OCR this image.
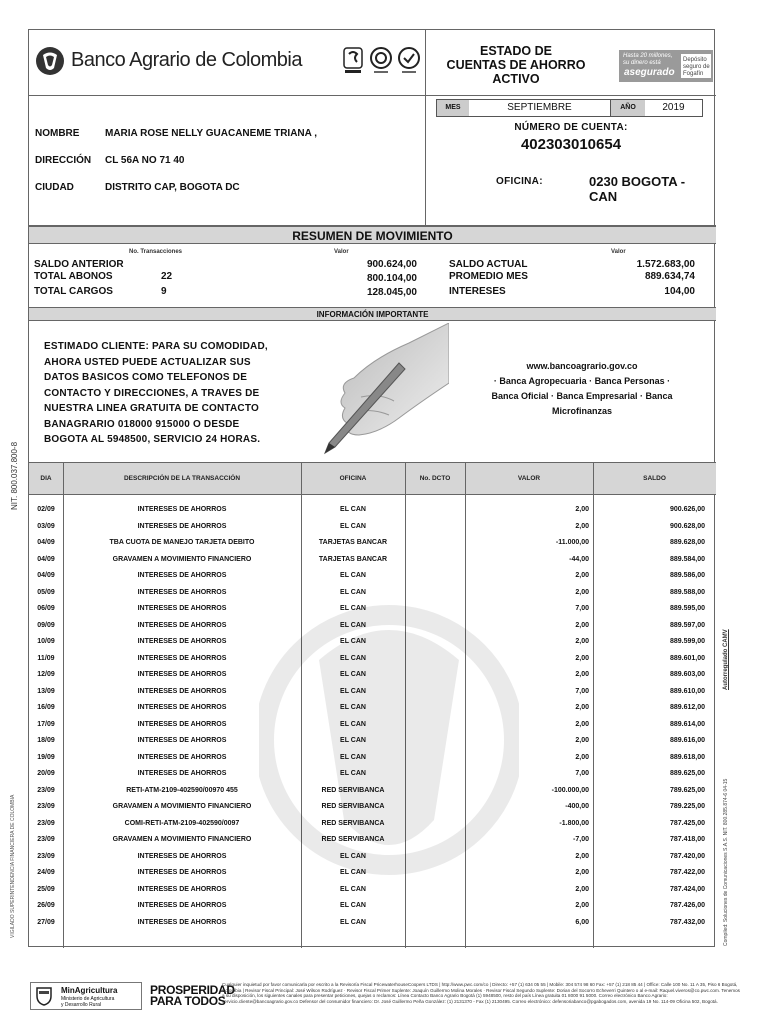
Banco Agrario de Colombia	ESTADO DE
CUENTAS DE AHORRO
ACTIVO
Hasta 20 millones,
su dinero está
asegurado
Depósito seguro de Fogafín
NOMBRE	MARIA ROSE NELLY GUACANEME TRIANA ,
DIRECCIÓN CL 56A NO 71 40
CIUDAD	DISTRITO CAP, BOGOTA DC
MES	SEPTIEMBRE	AÑO	2019
NÚMERO DE CUENTA:
402303010654
OFICINA:	0230 BOGOTA - CAN
RESUMEN DE MOVIMIENTO
No. Transacciones	Valor	Valor
SALDO ANTERIOR	900.624,00
TOTAL ABONOS	22	800.104,00
TOTAL CARGOS	9	128.045,00
SALDO ACTUAL	1.572.683,00
PROMEDIO MES	889.634,74
INTERESES	104,00
INFORMACIÓN IMPORTANTE
ESTIMADO CLIENTE: PARA SU COMODIDAD,
AHORA USTED PUEDE ACTUALIZAR SUS
DATOS BASICOS COMO TELEFONOS DE
CONTACTO Y DIRECCIONES, A TRAVES DE
NUESTRA LINEA GRATUITA DE CONTACTO
BANAGRARIO 018000 915000 O DESDE
BOGOTA AL 5948500, SERVICIO 24 HORAS.
www.bancoagrario.gov.co
· Banca Agropecuaria · Banca Personas ·
Banca Oficial · Banca Empresarial · Banca
Microfinanzas
DIA	DESCRIPCIÓN DE LA TRANSACCIÓN	OFICINA	No. DCTO	VALOR	SALDO
02/09	INTERESES DE AHORROS	EL CAN	2,00	900.626,00
03/09	INTERESES DE AHORROS	EL CAN	2,00	900.628,00
04/09	TBA CUOTA DE MANEJO TARJETA DEBITO	TARJETAS BANCAR	-11.000,00	889.628,00
04/09	GRAVAMEN A MOVIMIENTO FINANCIERO	TARJETAS BANCAR	-44,00	889.584,00
04/09	INTERESES DE AHORROS	EL CAN	2,00	889.586,00
05/09	INTERESES DE AHORROS	EL CAN	2,00	889.588,00
06/09	INTERESES DE AHORROS	EL CAN	7,00	889.595,00
09/09	INTERESES DE AHORROS	EL CAN	2,00	889.597,00
10/09	INTERESES DE AHORROS	EL CAN	2,00	889.599,00
11/09	INTERESES DE AHORROS	EL CAN	2,00	889.601,00
12/09	INTERESES DE AHORROS	EL CAN	2,00	889.603,00
13/09	INTERESES DE AHORROS	EL CAN	7,00	889.610,00
16/09	INTERESES DE AHORROS	EL CAN	2,00	889.612,00
17/09	INTERESES DE AHORROS	EL CAN	2,00	889.614,00
18/09	INTERESES DE AHORROS	EL CAN	2,00	889.616,00
19/09	INTERESES DE AHORROS	EL CAN	2,00	889.618,00
20/09	INTERESES DE AHORROS	EL CAN	7,00	889.625,00
23/09	RETI-ATM-2109-402590/00970 455	RED SERVIBANCA	-100.000,00	789.625,00
23/09	GRAVAMEN A MOVIMIENTO FINANCIERO	RED SERVIBANCA	-400,00	789.225,00
23/09	COMI-RETI-ATM-2109-402590/0097	RED SERVIBANCA	-1.800,00	787.425,00
23/09	GRAVAMEN A MOVIMIENTO FINANCIERO	RED SERVIBANCA	-7,00	787.418,00
23/09	INTERESES DE AHORROS	EL CAN	2,00	787.420,00
24/09	INTERESES DE AHORROS	EL CAN	2,00	787.422,00
25/09	INTERESES DE AHORROS	EL CAN	2,00	787.424,00
26/09	INTERESES DE AHORROS	EL CAN	2,00	787.426,00
27/09	INTERESES DE AHORROS	EL CAN	6,00	787.432,00
NIT. 800.037.800-8
VIGILADO SUPERINTENDENCIA FINANCIERA DE COLOMBIA
Autorregulado CAMV
Compiled: Soluciones de Comunicaciones S.A.S. NIT. 800.285.874-6 04-15
MinAgricultura
Ministerio de Agricultura
y Desarrollo Rural
PROSPERIDAD
PARA TODOS
Cualquier inquietud por favor comunicarla por escrito a la Revisoría Fiscal PricewaterhouseCoopers LTDS | http://www.pwc.com/co | Directo: +57 (1) 634 05 55 | Mobile: 304 574 98 60 Fax: +57 (1) 218 85 44 | Office: Calle 100 No. 11 A 35, Piso 6 Bogotá, Colombia | Revisor Fiscal Principal: José Wilson Rodríguez · Revisor Fiscal Primer Suplente: Joaquín Guillermo Molina Morales · Revisor Fiscal Segundo Suplente: Dorian del Socorro Echeverri Quintero o al e-mail: Raquel.viveros@co.pwc.com. Tenemos a su disposición, los siguientes canales para presentar peticiones, quejas o reclamos: Línea Contacto Banco Agrario Bogotá (1) 5948500, resto del país Línea gratuita 01 8000 91 5000. Correo electrónico Banco Agrario: servicio.cliente@bancoagrario.gov.co Defensor del consumidor financiero: Dr. José Guillermo Peña González: (1) 2131370 - Fax (1) 2130495. Correo electrónico: defensoriabanco@pgabogados.com, avenida 19 No. 114-09 Oficina 502, Bogotá.
